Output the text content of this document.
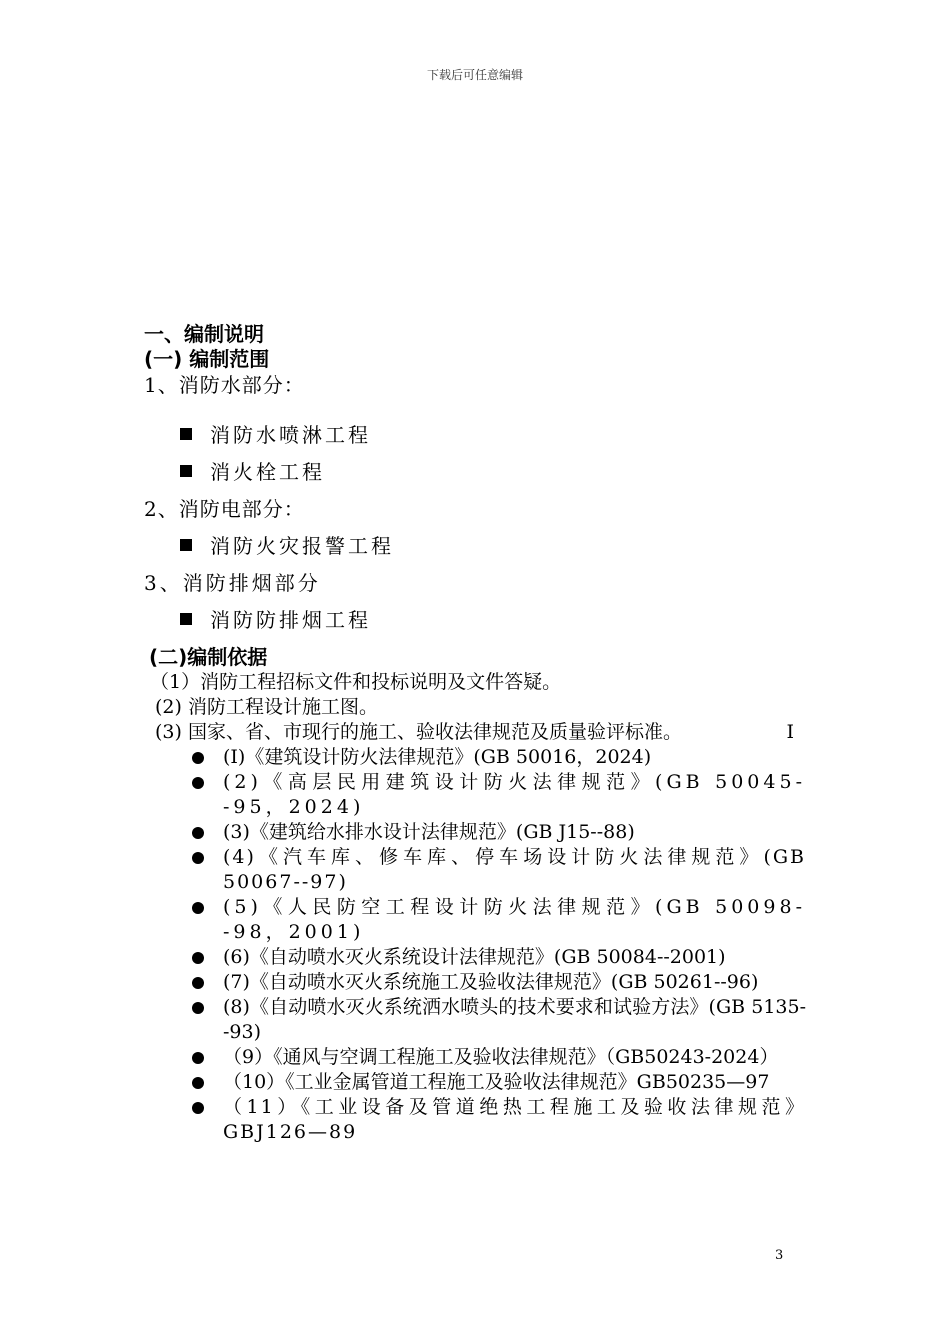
下载后可任意编辑
一、编制说明
(一) 编制范围
1、消防水部分：
消防水喷淋工程
消火栓工程
2、消防电部分：
消防火灾报警工程
3、消防排烟部分
消防防排烟工程
(二)编制依据
（1）消防工程招标文件和投标说明及文件答疑。
(2) 消防工程设计施工图。
(3) 国家、省、市现行的施工、验收法律规范及质量验评标准。	I
(I)《建筑设计防火法律规范》(GB 50016，2024)
(2)《高层民用建筑设计防火法律规范》(GB 50045--95，2024)
(3)《建筑给水排水设计法律规范》(GB J15--88)
(4)《汽车库、修车库、停车场设计防火法律规范》(GB 50067--97)
(5)《人民防空工程设计防火法律规范》(GB 50098--98，2001)
(6)《自动喷水灭火系统设计法律规范》(GB 50084--2001)
(7)《自动喷水灭火系统施工及验收法律规范》(GB 50261--96)
(8)《自动喷水灭火系统洒水喷头的技术要求和试验方法》(GB 5135--93)
（9）《通风与空调工程施工及验收法律规范》（GB50243-2024）
（10）《工业金属管道工程施工及验收法律规范》GB50235—97
（11）《工业设备及管道绝热工程施工及验收法律规范》GBJ126—89
3
